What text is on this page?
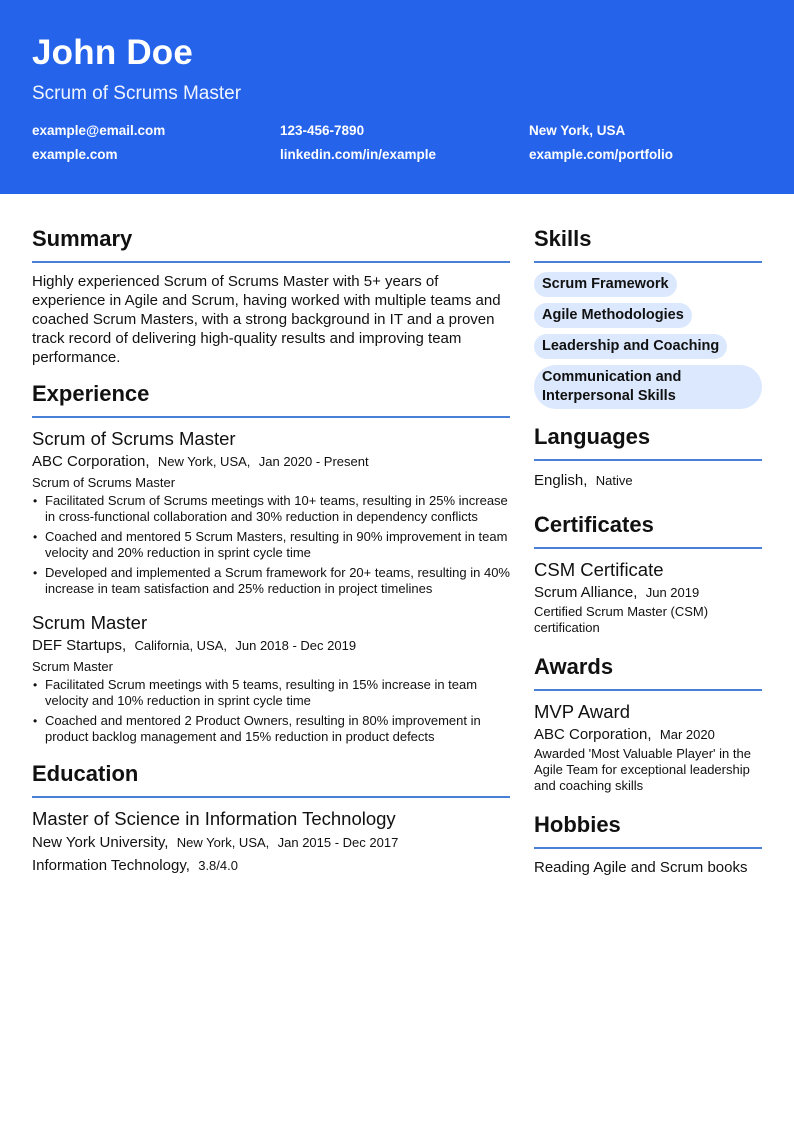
John Doe
Scrum of Scrums Master
example@email.com	123-456-7890	New York, USA
example.com	linkedin.com/in/example	example.com/portfolio
Summary
Highly experienced Scrum of Scrums Master with 5+ years of experience in Agile and Scrum, having worked with multiple teams and coached Scrum Masters, with a strong background in IT and a proven track record of delivering high-quality results and improving team performance.
Experience
Scrum of Scrums Master
ABC Corporation, New York, USA, Jan 2020 - Present
Scrum of Scrums Master
• Facilitated Scrum of Scrums meetings with 10+ teams, resulting in 25% increase in cross-functional collaboration and 30% reduction in dependency conflicts
• Coached and mentored 5 Scrum Masters, resulting in 90% improvement in team velocity and 20% reduction in sprint cycle time
• Developed and implemented a Scrum framework for 20+ teams, resulting in 40% increase in team satisfaction and 25% reduction in project timelines
Scrum Master
DEF Startups, California, USA, Jun 2018 - Dec 2019
Scrum Master
• Facilitated Scrum meetings with 5 teams, resulting in 15% increase in team velocity and 10% reduction in sprint cycle time
• Coached and mentored 2 Product Owners, resulting in 80% improvement in product backlog management and 15% reduction in product defects
Education
Master of Science in Information Technology
New York University, New York, USA, Jan 2015 - Dec 2017
Information Technology, 3.8/4.0
Skills
Scrum Framework
Agile Methodologies
Leadership and Coaching

Communication and Interpersonal Skills
Languages
English, Native
Certificates
CSM Certificate
Scrum Alliance, Jun 2019
Certified Scrum Master (CSM) certification
Awards
MVP Award
ABC Corporation, Mar 2020
Awarded 'Most Valuable Player' in the Agile Team for exceptional leadership and coaching skills
Hobbies
Reading Agile and Scrum books
